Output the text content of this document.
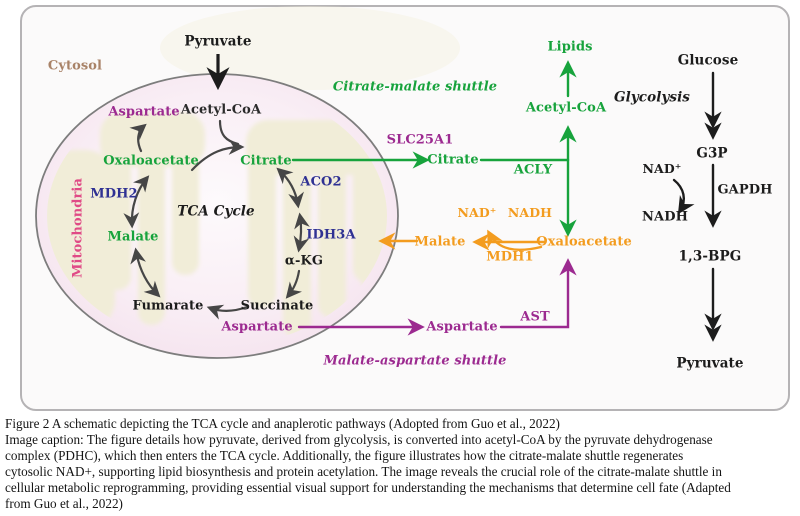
Cytosol
Pyruvate
Acetyl-CoA
Aspartate
Oxaloacetate	Citrate
ACO2
MDH2
TCA Cycle
Mitochondria Malate	IDH3A
α-KG
Fumarate	Succinate
Aspartate
Citrate-malate shuttle
SLC25A1
Citrate
ACLY
Lipids
Acetyl-CoA
NAD⁺ NADH
Malate
MDH1
Oxaloacetate
AST
Aspartate
Malate-aspartate shuttle
Glucose
Glycolysis
G3P
NAD⁺
GAPDH
NADH
1,3-BPG
Pyruvate
Figure 2 A schematic depicting the TCA cycle and anaplerotic pathways (Adopted from Guo et al., 2022)
Image caption: The figure details how pyruvate, derived from glycolysis, is converted into acetyl-CoA by the pyruvate dehydrogenase
complex (PDHC), which then enters the TCA cycle. Additionally, the figure illustrates how the citrate-malate shuttle regenerates
cytosolic NAD+, supporting lipid biosynthesis and protein acetylation. The image reveals the crucial role of the citrate-malate shuttle in
cellular metabolic reprogramming, providing essential visual support for understanding the mechanisms that determine cell fate (Adapted
from Guo et al., 2022)
